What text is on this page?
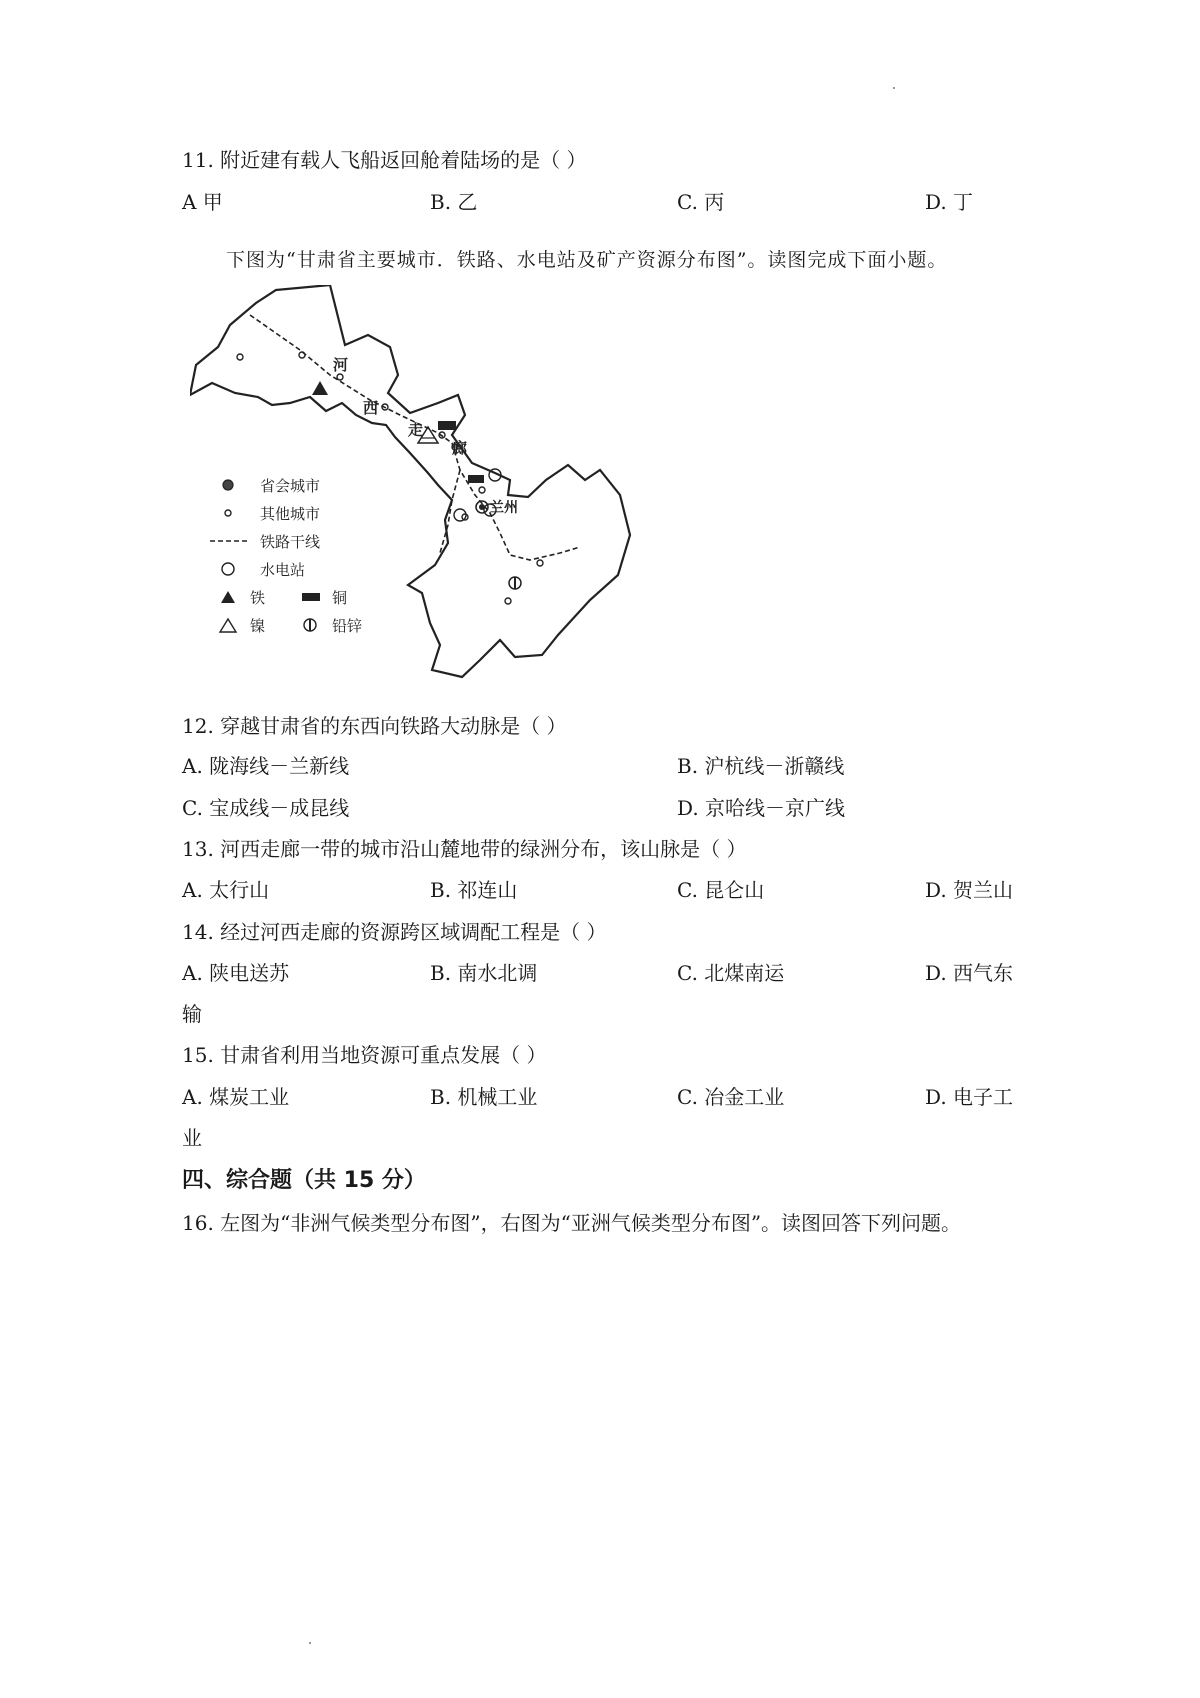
11. 附近建有载人飞船返回舱着陆场的是（ ）
A 甲	B. 乙	C. 丙	D. 丁
下图为“甘肃省主要城市．铁路、水电站及矿产资源分布图”。读图完成下面小题。
河
西
走
廊
兰州
省会城市
其他城市
铁路干线
水电站
铁	铜
镍	铅锌
12. 穿越甘肃省的东西向铁路大动脉是（ ）
A. 陇海线－兰新线	B. 沪杭线－浙赣线
C. 宝成线－成昆线	D. 京哈线－京广线
13. 河西走廊一带的城市沿山麓地带的绿洲分布，该山脉是（ ）
A. 太行山	B. 祁连山	C. 昆仑山	D. 贺兰山
14. 经过河西走廊的资源跨区域调配工程是（ ）
A. 陕电送苏	B. 南水北调	C. 北煤南运	D. 西气东
输
15. 甘肃省利用当地资源可重点发展（ ）
A. 煤炭工业	B. 机械工业	C. 冶金工业	D. 电子工
业
四、综合题（共 15 分）
16. 左图为“非洲气候类型分布图”，右图为“亚洲气候类型分布图”。读图回答下列问题。
